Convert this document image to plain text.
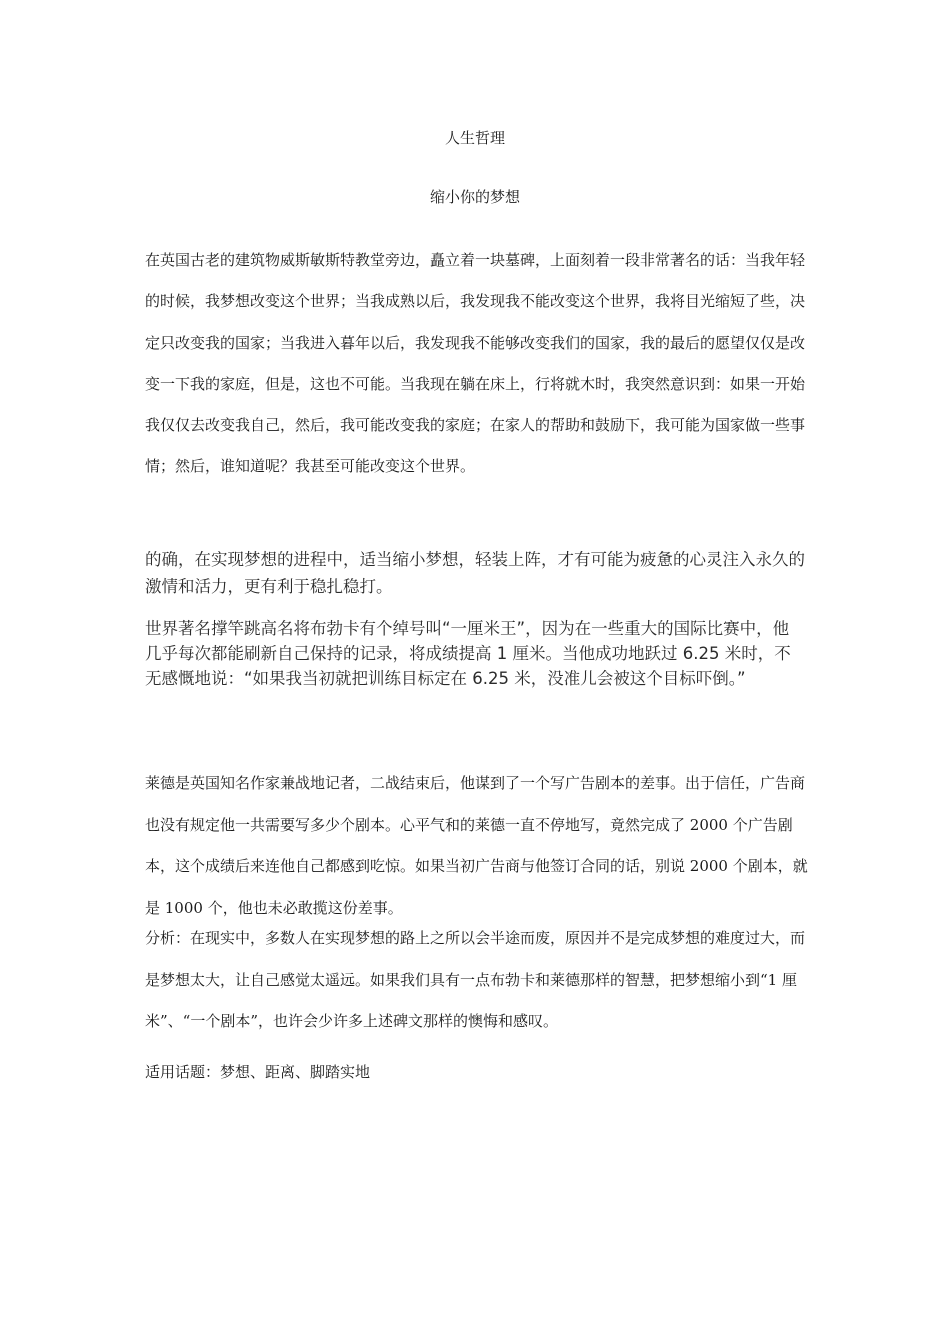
人生哲理
缩小你的梦想

在英国古老的建筑物威斯敏斯特教堂旁边，矗立着一块墓碑，上面刻着一段非常著名的话：当我年轻的时候，我梦想改变这个世界；当我成熟以后，我发现我不能改变这个世界，我将目光缩短了些，决定只改变我的国家；当我进入暮年以后，我发现我不能够改变我们的国家，我的最后的愿望仅仅是改变一下我的家庭，但是，这也不可能。当我现在躺在床上，行将就木时，我突然意识到：如果一开始我仅仅去改变我自己，然后，我可能改变我的家庭；在家人的帮助和鼓励下，我可能为国家做一些事情；然后，谁知道呢？我甚至可能改变这个世界。

的确，在实现梦想的进程中，适当缩小梦想，轻装上阵，才有可能为疲惫的心灵注入永久的激情和活力，更有利于稳扎稳打。

世界著名撑竿跳高名将布勃卡有个绰号叫“一厘米王”，因为在一些重大的国际比赛中，他几乎每次都能刷新自己保持的记录，将成绩提高 1 厘米。当他成功地跃过 6.25 米时，不无感慨地说：“如果我当初就把训练目标定在 6.25 米，没准儿会被这个目标吓倒。”

莱德是英国知名作家兼战地记者，二战结束后，他谋到了一个写广告剧本的差事。出于信任，广告商也没有规定他一共需要写多少个剧本。心平气和的莱德一直不停地写，竟然完成了 2000 个广告剧本，这个成绩后来连他自己都感到吃惊。如果当初广告商与他签订合同的话，别说 2000 个剧本，就是 1000 个，他也未必敢揽这份差事。

分析：在现实中，多数人在实现梦想的路上之所以会半途而废，原因并不是完成梦想的难度过大，而是梦想太大，让自己感觉太遥远。如果我们具有一点布勃卡和莱德那样的智慧，把梦想缩小到“1 厘米”、“一个剧本”，也许会少许多上述碑文那样的懊悔和感叹。

适用话题：梦想、距离、脚踏实地
